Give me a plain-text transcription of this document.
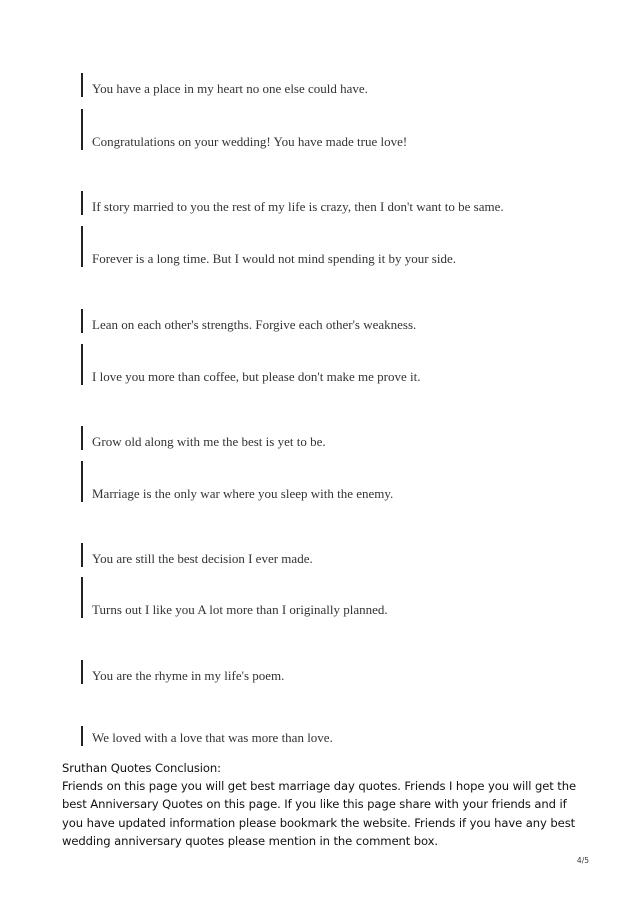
You have a place in my heart no one else could have.
Congratulations on your wedding! You have made true love!
If story married to you the rest of my life is crazy, then I don't want to be same.
Forever is a long time. But I would not mind spending it by your side.
Lean on each other's strengths. Forgive each other's weakness.
I love you more than coffee, but please don't make me prove it.
Grow old along with me the best is yet to be.
Marriage is the only war where you sleep with the enemy.
You are still the best decision I ever made.
Turns out I like you A lot more than I originally planned.
You are the rhyme in my life's poem.
We loved with a love that was more than love.

Sruthan Quotes Conclusion:

Friends on this page you will get best marriage day quotes. Friends I hope you will get the best Anniversary Quotes on this page. If you like this page share with your friends and if you have updated information please bookmark the website. Friends if you have any best wedding anniversary quotes please mention in the comment box.

4/5
